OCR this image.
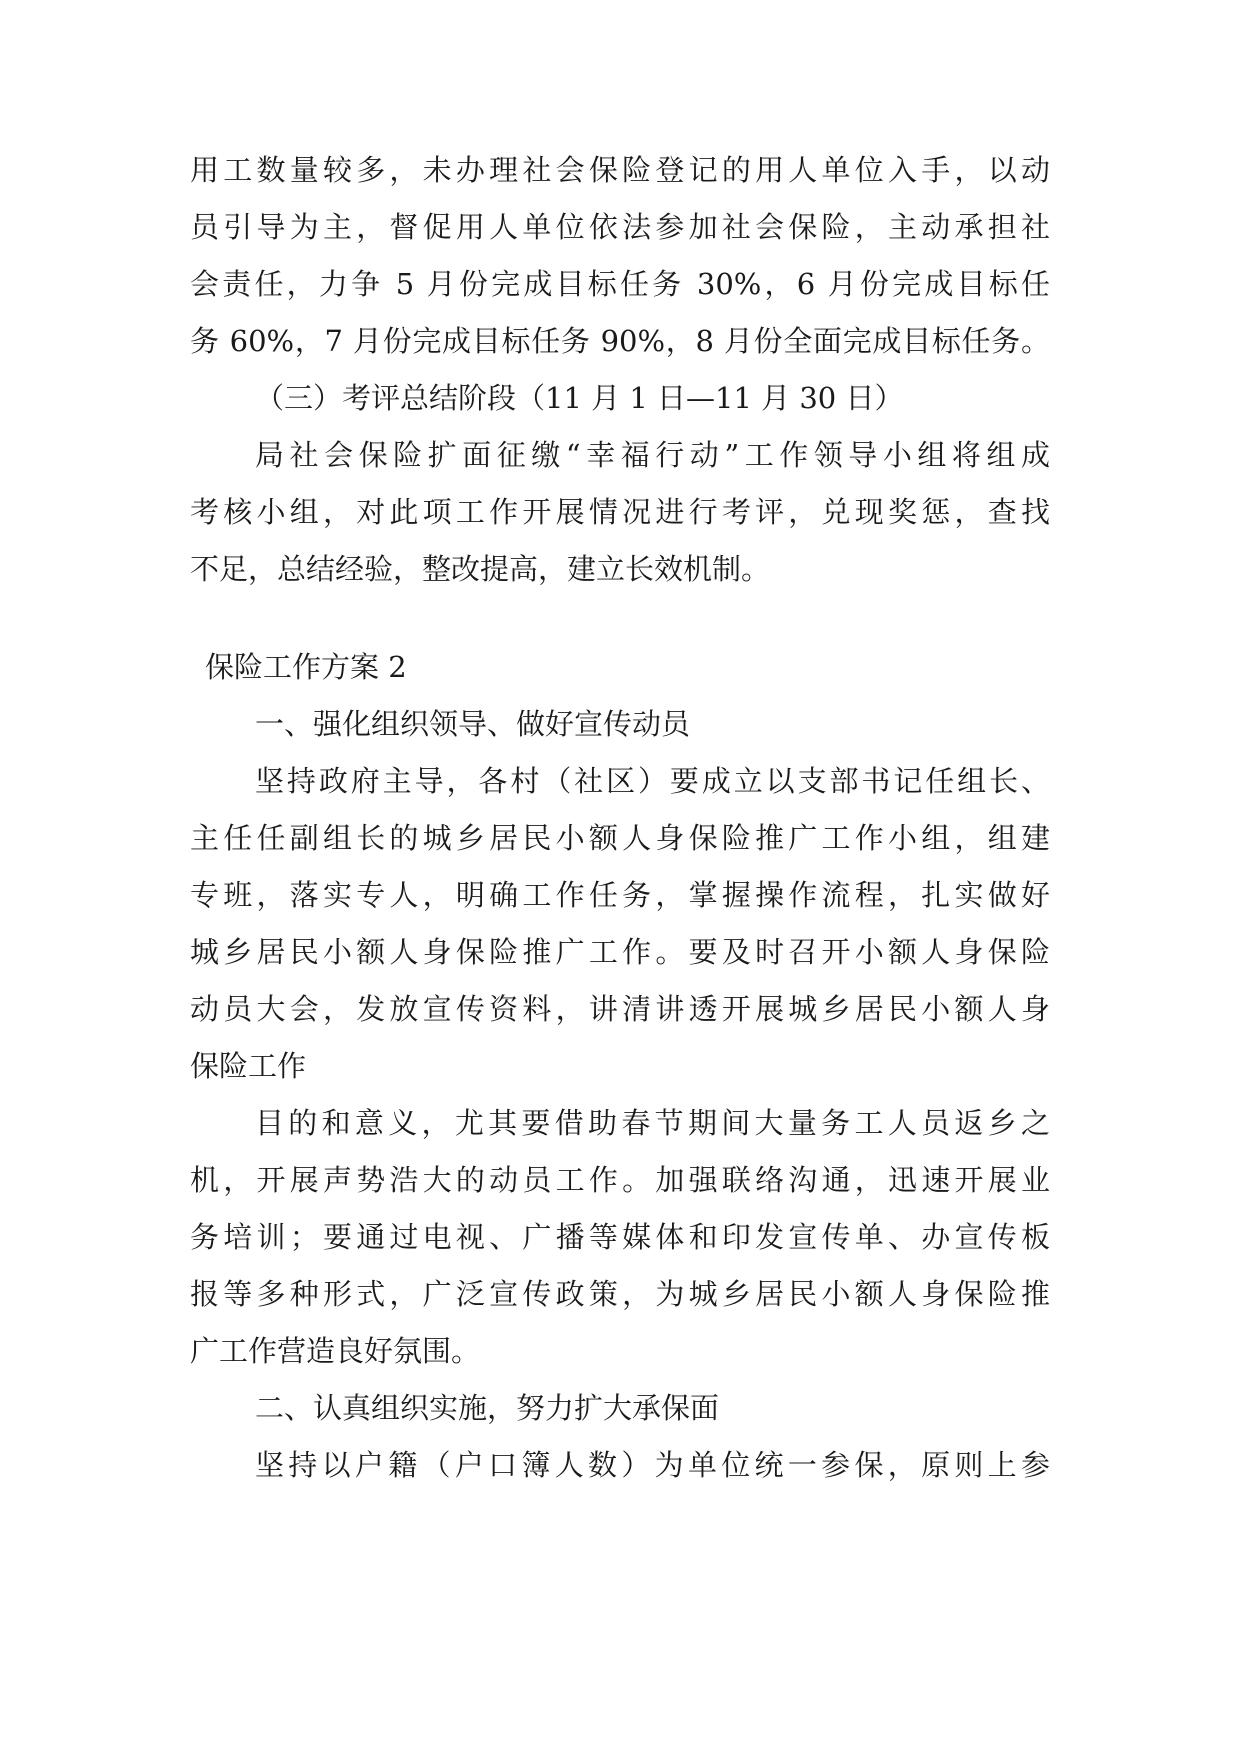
用工数量较多，未办理社会保险登记的用人单位入手，以动
员引导为主，督促用人单位依法参加社会保险，主动承担社
会责任，力争 5 月份完成目标任务 30%，6 月份完成目标任
务 60%，7 月份完成目标任务 90%，8 月份全面完成目标任务。
（三）考评总结阶段（11 月 1 日—11 月 30 日）
局社会保险扩面征缴“幸福行动”工作领导小组将组成
考核小组，对此项工作开展情况进行考评，兑现奖惩，查找
不足，总结经验，整改提高，建立长效机制。
保险工作方案 2
一、强化组织领导、做好宣传动员
坚持政府主导，各村（社区）要成立以支部书记任组长、
主任任副组长的城乡居民小额人身保险推广工作小组，组建
专班，落实专人，明确工作任务，掌握操作流程，扎实做好
城乡居民小额人身保险推广工作。要及时召开小额人身保险
动员大会，发放宣传资料，讲清讲透开展城乡居民小额人身
保险工作
目的和意义，尤其要借助春节期间大量务工人员返乡之
机，开展声势浩大的动员工作。加强联络沟通，迅速开展业
务培训；要通过电视、广播等媒体和印发宣传单、办宣传板
报等多种形式，广泛宣传政策，为城乡居民小额人身保险推
广工作营造良好氛围。
二、认真组织实施，努力扩大承保面
坚持以户籍（户口簿人数）为单位统一参保，原则上参
